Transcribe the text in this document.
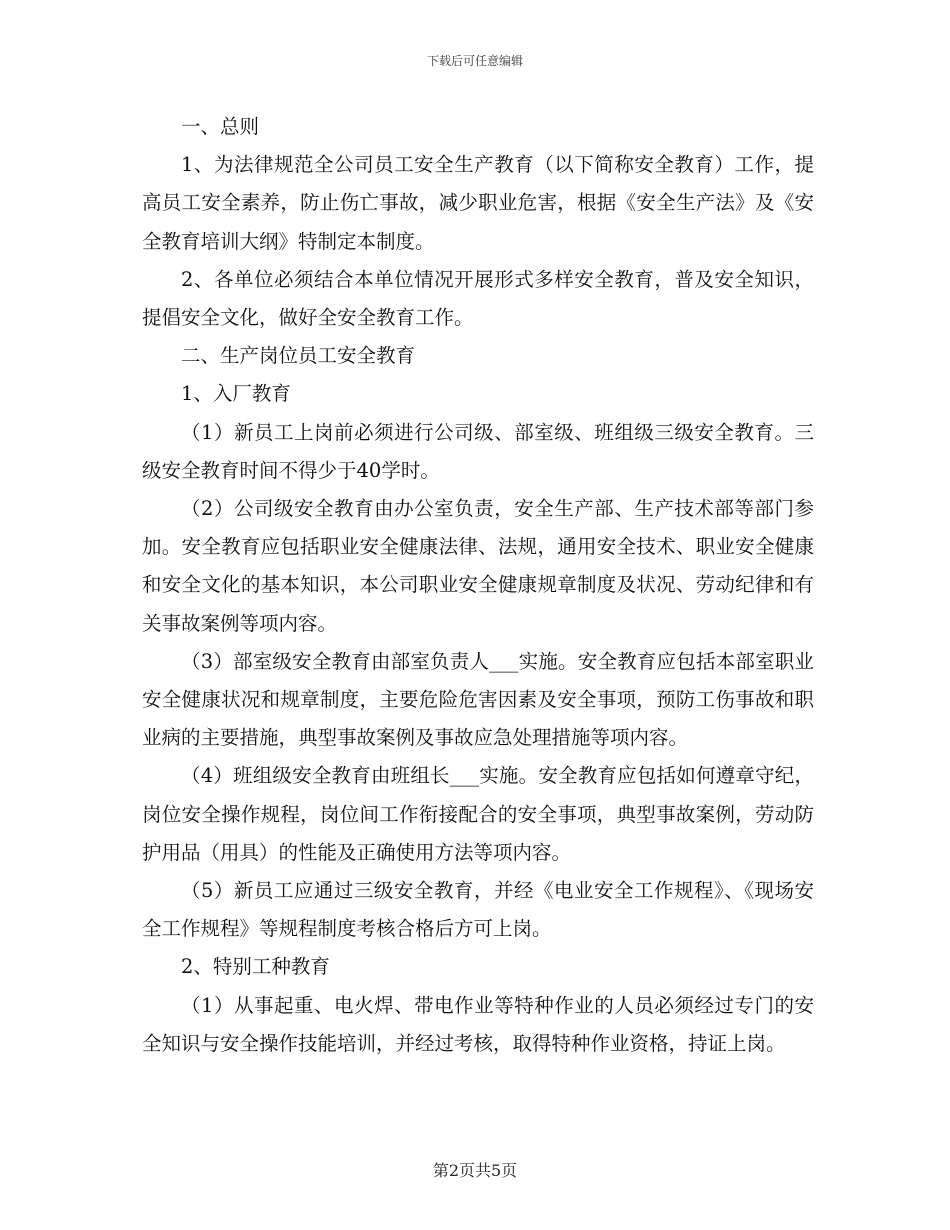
下载后可任意编辑

一、总则

1、为法律规范全公司员工安全生产教育（以下简称安全教育）工作，提高员工安全素养，防止伤亡事故，减少职业危害，根据《安全生产法》及《安全教育培训大纲》特制定本制度。

2、各单位必须结合本单位情况开展形式多样安全教育，普及安全知识，提倡安全文化，做好全安全教育工作。

二、生产岗位员工安全教育

1、入厂教育

（1）新员工上岗前必须进行公司级、部室级、班组级三级安全教育。三级安全教育时间不得少于40学时。

（2）公司级安全教育由办公室负责，安全生产部、生产技术部等部门参加。安全教育应包括职业安全健康法律、法规，通用安全技术、职业安全健康和安全文化的基本知识，本公司职业安全健康规章制度及状况、劳动纪律和有关事故案例等项内容。

（3）部室级安全教育由部室负责人___实施。安全教育应包括本部室职业安全健康状况和规章制度，主要危险危害因素及安全事项，预防工伤事故和职业病的主要措施，典型事故案例及事故应急处理措施等项内容。

（4）班组级安全教育由班组长___实施。安全教育应包括如何遵章守纪，岗位安全操作规程，岗位间工作衔接配合的安全事项，典型事故案例，劳动防护用品（用具）的性能及正确使用方法等项内容。

（5）新员工应通过三级安全教育，并经《电业安全工作规程》、《现场安全工作规程》等规程制度考核合格后方可上岗。

2、特别工种教育

（1）从事起重、电火焊、带电作业等特种作业的人员必须经过专门的安全知识与安全操作技能培训，并经过考核，取得特种作业资格，持证上岗。

第2页共5页
